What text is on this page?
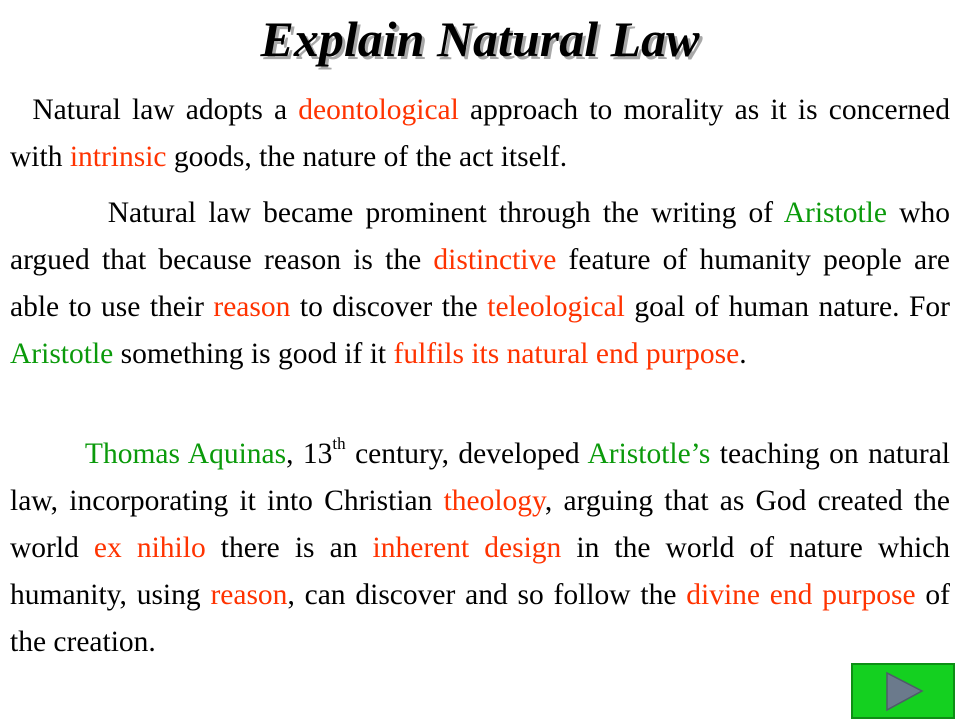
Explain Natural Law

Natural law adopts a deontological approach to morality as it is concerned with intrinsic goods, the nature of the act itself.

Natural law became prominent through the writing of Aristotle who argued that because reason is the distinctive feature of humanity people are able to use their reason to discover the teleological goal of human nature. For Aristotle something is good if it fulfils its natural end purpose.

Thomas Aquinas, 13th century, developed Aristotle’s teaching on natural law, incorporating it into Christian theology, arguing that as God created the world ex nihilo there is an inherent design in the world of nature which humanity, using reason, can discover and so follow the divine end purpose of the creation.
